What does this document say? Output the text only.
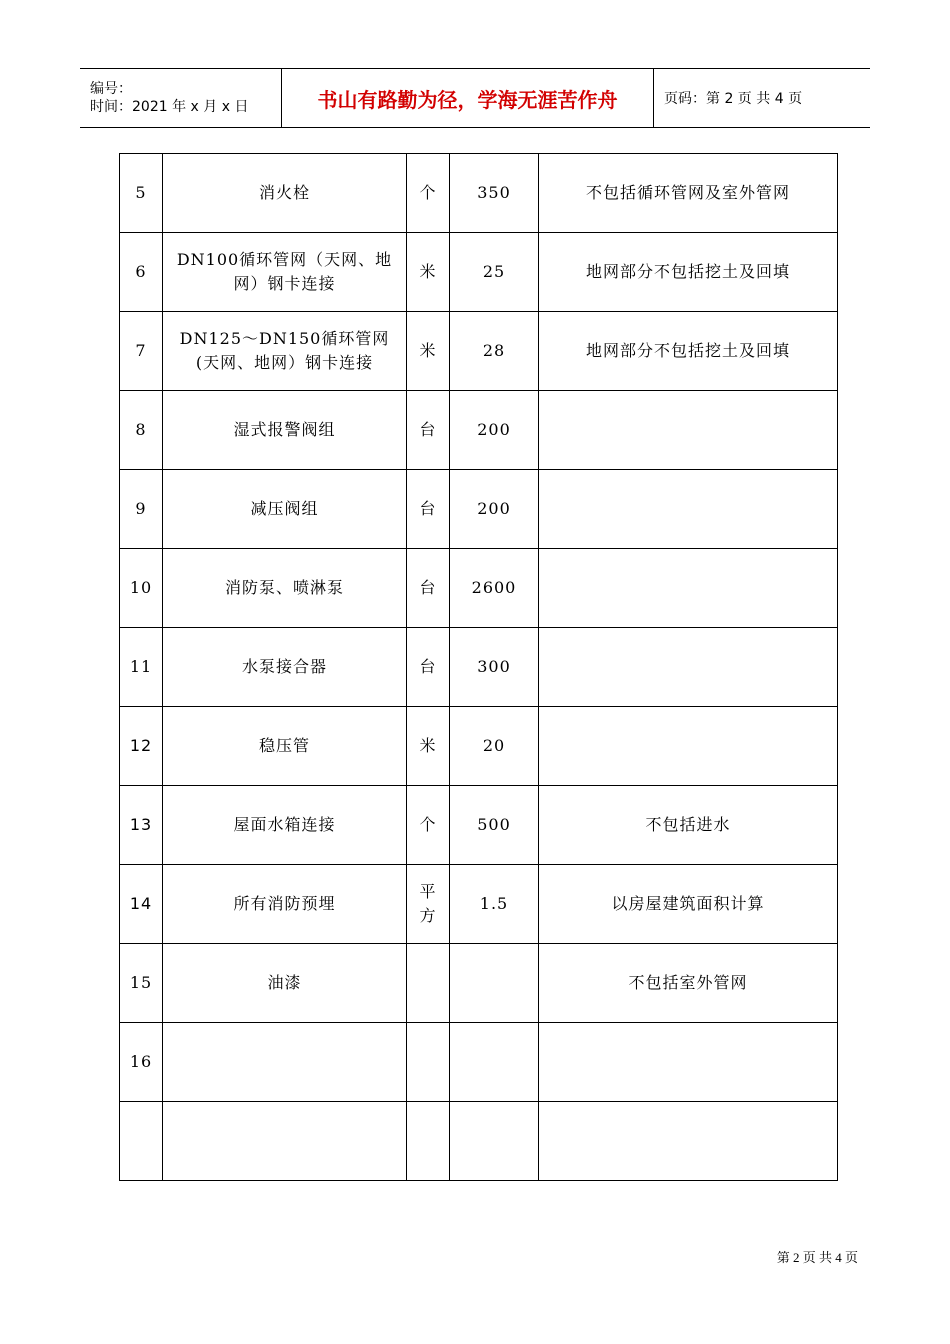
编号：
时间：2021 年 x 月 x 日	书山有路勤为径，学海无涯苦作舟	页码：第 2 页 共 4 页
5	消火栓	个	350	不包括循环管网及室外管网
6	DN100循环管网（天网、地网）钢卡连接	米	25	地网部分不包括挖土及回填
7	DN125～DN150循环管网(天网、地网）钢卡连接	米	28	地网部分不包括挖土及回填
8	湿式报警阀组	台	200	
9	减压阀组	台	200	
10	消防泵、喷淋泵	台	2600	
11	水泵接合器	台	300	
12	稳压管	米	20	
13	屋面水箱连接	个	500	不包括进水
14	所有消防预埋	平方	1.5	以房屋建筑面积计算
15	油漆			不包括室外管网
16				

第 2 页 共 4 页
